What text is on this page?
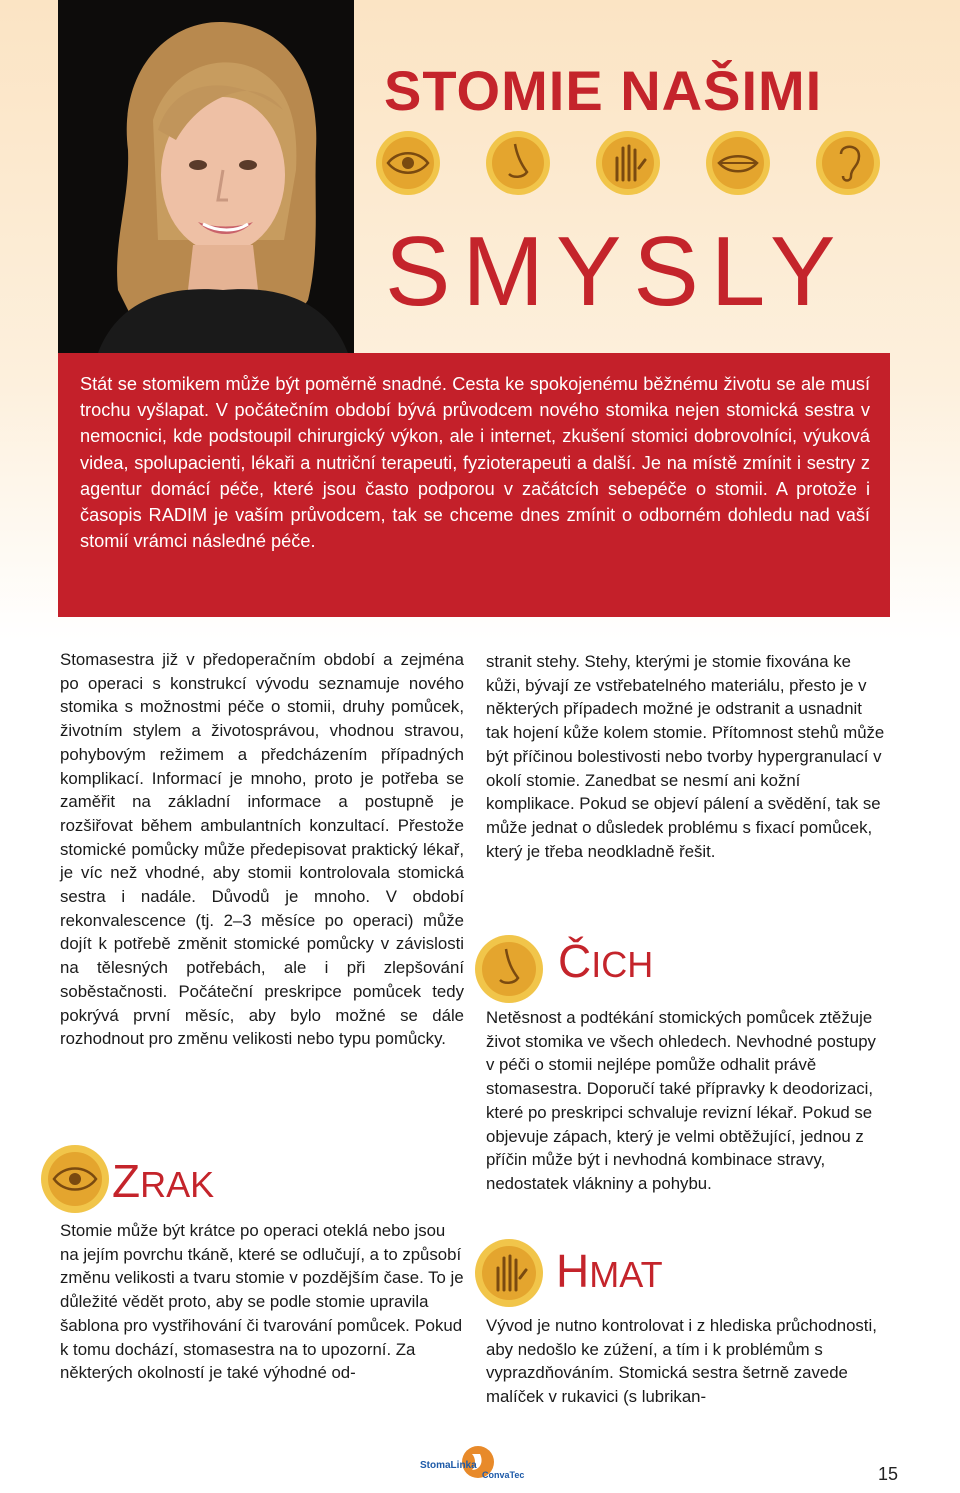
STOMIE NAŠIMI
SMYSLY

Stát se stomikem může být poměrně snadné. Cesta ke spokojenému běžnému životu se ale musí trochu vyšlapat. V počátečním období bývá průvodcem nového stomika nejen stomická sestra v nemocnici, kde podstoupil chirurgický výkon, ale i internet, zkušení stomici dobrovolníci, výuková videa, spolupacienti, lékaři a nutriční terapeuti, fyzioterapeuti a další. Je na místě zmínit i sestry z agentur domácí péče, které jsou často podporou v začátcích sebepéče o stomii. A protože i časopis RADIM je vaším průvodcem, tak se chceme dnes zmínit o odborném dohledu nad vaší stomií vrámci následné péče.

Stomasestra již v předoperačním období a zejména po operaci s konstrukcí vývodu seznamuje nového stomika s možnostmi péče o stomii, druhy pomůcek, životním stylem a životosprávou, vhodnou stravou, pohybovým režimem a předcházením případných komplikací. Informací je mnoho, proto je potřeba se zaměřit na základní informace a postupně je rozšiřovat během ambulantních konzultací. Přestože stomické pomůcky může předepisovat praktický lékař, je víc než vhodné, aby stomii kontrolovala stomická sestra i nadále. Důvodů je mnoho. V období rekonvalescence (tj. 2–3 měsíce po operaci) může dojít k potřebě změnit stomické pomůcky v závislosti na tělesných potřebách, ale i při zlepšování soběstačnosti. Počáteční preskripce pomůcek tedy pokrývá první měsíc, aby bylo možné se dále rozhodnout pro změnu velikosti nebo typu pomůcky.

ZRAK

Stomie může být krátce po operaci oteklá nebo jsou na jejím povrchu tkáně, které se odlučují, a to způsobí změnu velikosti a tvaru stomie v pozdějším čase. To je důležité vědět proto, aby se podle stomie upravila šablona pro vystřihování či tvarování pomůcek. Pokud k tomu dochází, stomasestra na to upozorní. Za některých okolností je také výhodné od-

stranit stehy. Stehy, kterými je stomie fixována ke kůži, bývají ze vstřebatelného materiálu, přesto je v některých případech možné je odstranit a usnadnit tak hojení kůže kolem stomie. Přítomnost stehů může být příčinou bolestivosti nebo tvorby hypergranulací v okolí stomie. Zanedbat se nesmí ani kožní komplikace. Pokud se objeví pálení a svědění, tak se může jednat o důsledek problému s fixací pomůcek, který je třeba neodkladně řešit.

ČICH

Netěsnost a podtékání stomických pomůcek ztěžuje život stomika ve všech ohledech. Nevhodné postupy v péči o stomii nejlépe pomůže odhalit právě stomasestra. Doporučí také přípravky k deodorizaci, které po preskripci schvaluje revizní lékař. Pokud se objevuje zápach, který je velmi obtěžující, jednou z příčin může být i nevhodná kombinace stravy, nedostatek vlákniny a pohybu.

HMAT

Vývod je nutno kontrolovat i z hlediska průchodnosti, aby nedošlo ke zúžení, a tím i k problémům s vyprazdňováním. Stomická sestra šetrně zavede malíček v rukavici (s lubrikan-

StomaLinka
ConvaTec	15
